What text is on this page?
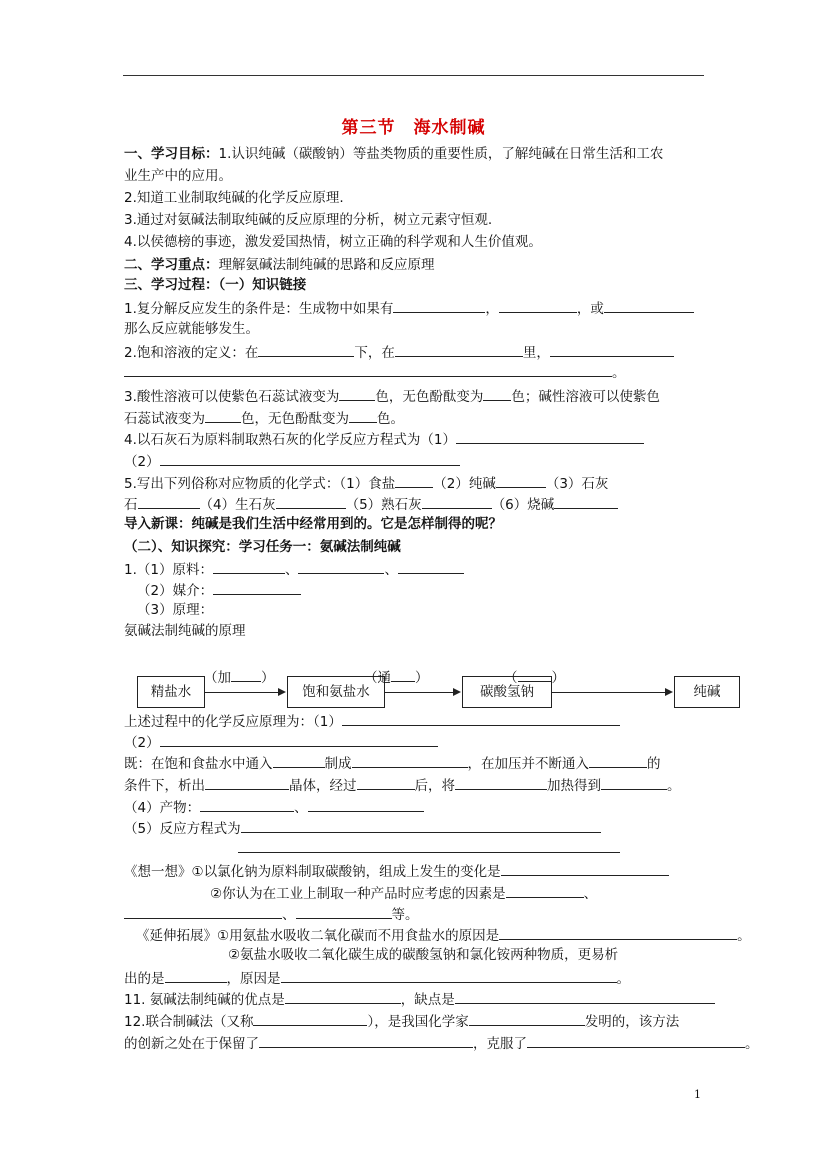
第三节　海水制碱
一、学习目标：1.认识纯碱（碳酸钠）等盐类物质的重要性质，了解纯碱在日常生活和工农
业生产中的应用。
2.知道工业制取纯碱的化学反应原理.
3.通过对氨碱法制取纯碱的反应原理的分析，树立元素守恒观.
4.以侯德榜的事迹，激发爱国热情，树立正确的科学观和人生价值观。
二、学习重点：理解氨碱法制纯碱的思路和反应原理
三、学习过程：（一）知识链接
1.复分解反应发生的条件是：生成物中如果有	，	，或
那么反应就能够发生。
2.饱和溶液的定义：在	下，在	里，
。
3.酸性溶液可以使紫色石蕊试液变为	色，无色酚酞变为 色；碱性溶液可以使紫色
石蕊试液变为	色，无色酚酞变为 色。
4.以石灰石为原料制取熟石灰的化学反应方程式为（1）
（2）
5.写出下列俗称对应物质的化学式：（1）食盐	（2）纯碱	（3）石灰
石	（4）生石灰	（5）熟石灰	（6）烧碱
导入新课：纯碱是我们生活中经常用到的。它是怎样制得的呢？
（二）、知识探究：学习任务一：氨碱法制纯碱
1.（1）原料：	、	、
（2）媒介：
（3）原理：
氨碱法制纯碱的原理
精盐水
（加 ）
饱和氨盐水
（通 ）
碳酸氢钠
（	）
纯碱
上述过程中的化学反应原理为：（1）
（2）
既：在饱和食盐水中通入	制成	，在加压并不断通入	的
条件下，析出	晶体，经过	后，将	加热得到	。
（4）产物：	、
（5）反应方程式为
《想一想》①以氯化钠为原料制取碳酸钠，组成上发生的变化是
②你认为在工业上制取一种产品时应考虑的因素是	、
、	等。
《延伸拓展》①用氨盐水吸收二氧化碳而不用食盐水的原因是	。
②氨盐水吸收二氧化碳生成的碳酸氢钠和氯化铵两种物质，更易析
出的是	，原因是	。
11. 氨碱法制纯碱的优点是	，缺点是
12.联合制碱法（又称	），是我国化学家	发明的，该方法
的创新之处在于保留了	，克服了	。
1
